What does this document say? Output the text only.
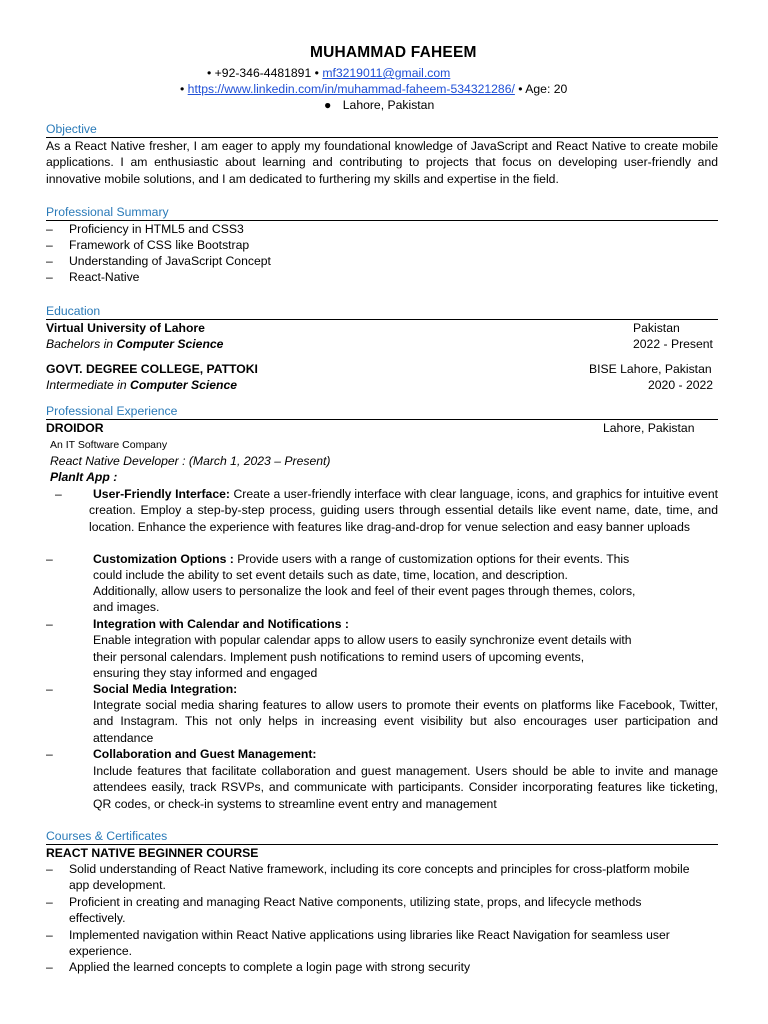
MUHAMMAD FAHEEM
• +92-346-4481891 • mf3219011@gmail.com
• https://www.linkedin.com/in/muhammad-faheem-534321286/ • Age: 20
● Lahore, Pakistan
Objective
As a React Native fresher, I am eager to apply my foundational knowledge of JavaScript and React Native to create mobile applications. I am enthusiastic about learning and contributing to projects that focus on developing user-friendly and innovative mobile solutions, and I am dedicated to furthering my skills and expertise in the field.
Professional Summary
– Proficiency in HTML5 and CSS3
– Framework of CSS like Bootstrap
– Understanding of JavaScript Concept
– React-Native
Education
Virtual University of Lahore	Pakistan
Bachelors in Computer Science	2022 - Present
GOVT. DEGREE COLLEGE, PATTOKI	BISE Lahore, Pakistan
Intermediate in Computer Science	2020 - 2022
Professional Experience
DROIDOR	Lahore, Pakistan
An IT Software Company
React Native Developer : (March 1, 2023 – Present)
PlanIt App :
–	User-Friendly Interface: Create a user-friendly interface with clear language, icons, and graphics for intuitive event creation. Employ a step-by-step process, guiding users through essential details like event name, date, time, and location. Enhance the experience with features like drag-and-drop for venue selection and easy banner uploads
–	Customization Options : Provide users with a range of customization options for their events. This
could include the ability to set event details such as date, time, location, and description.
Additionally, allow users to personalize the look and feel of their event pages through themes, colors,
and images.
–	Integration with Calendar and Notifications :
Enable integration with popular calendar apps to allow users to easily synchronize event details with
their personal calendars. Implement push notifications to remind users of upcoming events,
ensuring they stay informed and engaged
–	Social Media Integration:
Integrate social media sharing features to allow users to promote their events on platforms like Facebook, Twitter, and Instagram. This not only helps in increasing event visibility but also encourages user participation and attendance
–	Collaboration and Guest Management:
Include features that facilitate collaboration and guest management. Users should be able to invite and manage attendees easily, track RSVPs, and communicate with participants. Consider incorporating features like ticketing, QR codes, or check-in systems to streamline event entry and management
Courses & Certificates
REACT NATIVE BEGINNER COURSE
– Solid understanding of React Native framework, including its core concepts and principles for cross-platform mobile app development.
– Proficient in creating and managing React Native components, utilizing state, props, and lifecycle methods effectively.
– Implemented navigation within React Native applications using libraries like React Navigation for seamless user experience.
– Applied the learned concepts to complete a login page with strong security
